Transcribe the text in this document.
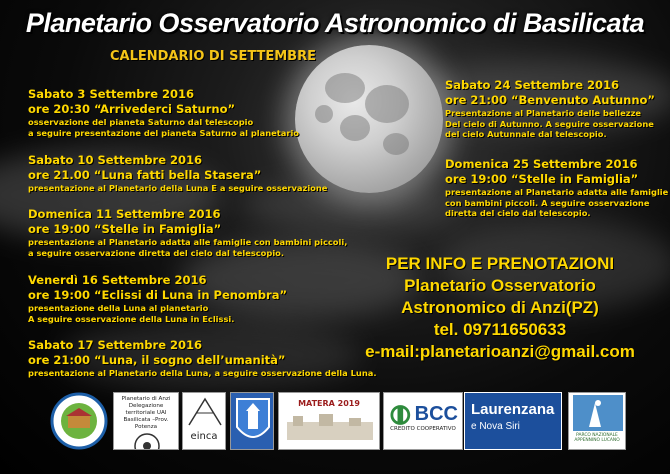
Planetario Osservatorio Astronomico di Basilicata
CALENDARIO DI SETTEMBRE
Sabato 3 Settembre 2016
ore 20:30 “Arrivederci Saturno”
osservazione del pianeta Saturno dal telescopio
a seguire presentazione del pianeta Saturno al planetario
Sabato 10 Settembre 2016
ore 21.00 “Luna fatti bella Stasera”
presentazione al Planetario della Luna E a seguire osservazione
Domenica 11 Settembre 2016
ore 19:00 “Stelle in Famiglia”
presentazione al Planetario adatta alle famiglie con bambini piccoli,
a seguire osservazione diretta del cielo dal telescopio.
Venerdì 16 Settembre 2016
ore 19:00 “Eclissi di Luna in Penombra”
presentazione della Luna al planetario
A seguire osservazione della Luna in Eclissi.
Sabato 17 Settembre 2016
ore 21:00 “Luna, il sogno dell’umanità”
presentazione al Planetario della Luna, a seguire osservazione della Luna.
Sabato 24 Settembre 2016
ore 21:00 “Benvenuto Autunno”
Presentazione al Planetario delle bellezze
Del cielo di Autunno. A seguire osservazione
del cielo Autunnale dal telescopio.
Domenica 25 Settembre 2016
ore 19:00 “Stelle in Famiglia”
presentazione al Planetario adatta alle famiglie
con bambini piccoli. A seguire osservazione
diretta del cielo dal telescopio.
PER INFO E PRENOTAZIONI
Planetario Osservatorio
Astronomico di Anzi(PZ)
tel. 09711650633
e-mail:planetarioanzi@gmail.com
Planetario di Anzi
Delegazione territoriale UAI
Basilicata –Prov. Potenza
einca
MATERA 2019	BCC
CREDITO COOPERATIVO
Laurenzana
e Nova Siri
PARCO NAZIONALE APPENNINO LUCANO
